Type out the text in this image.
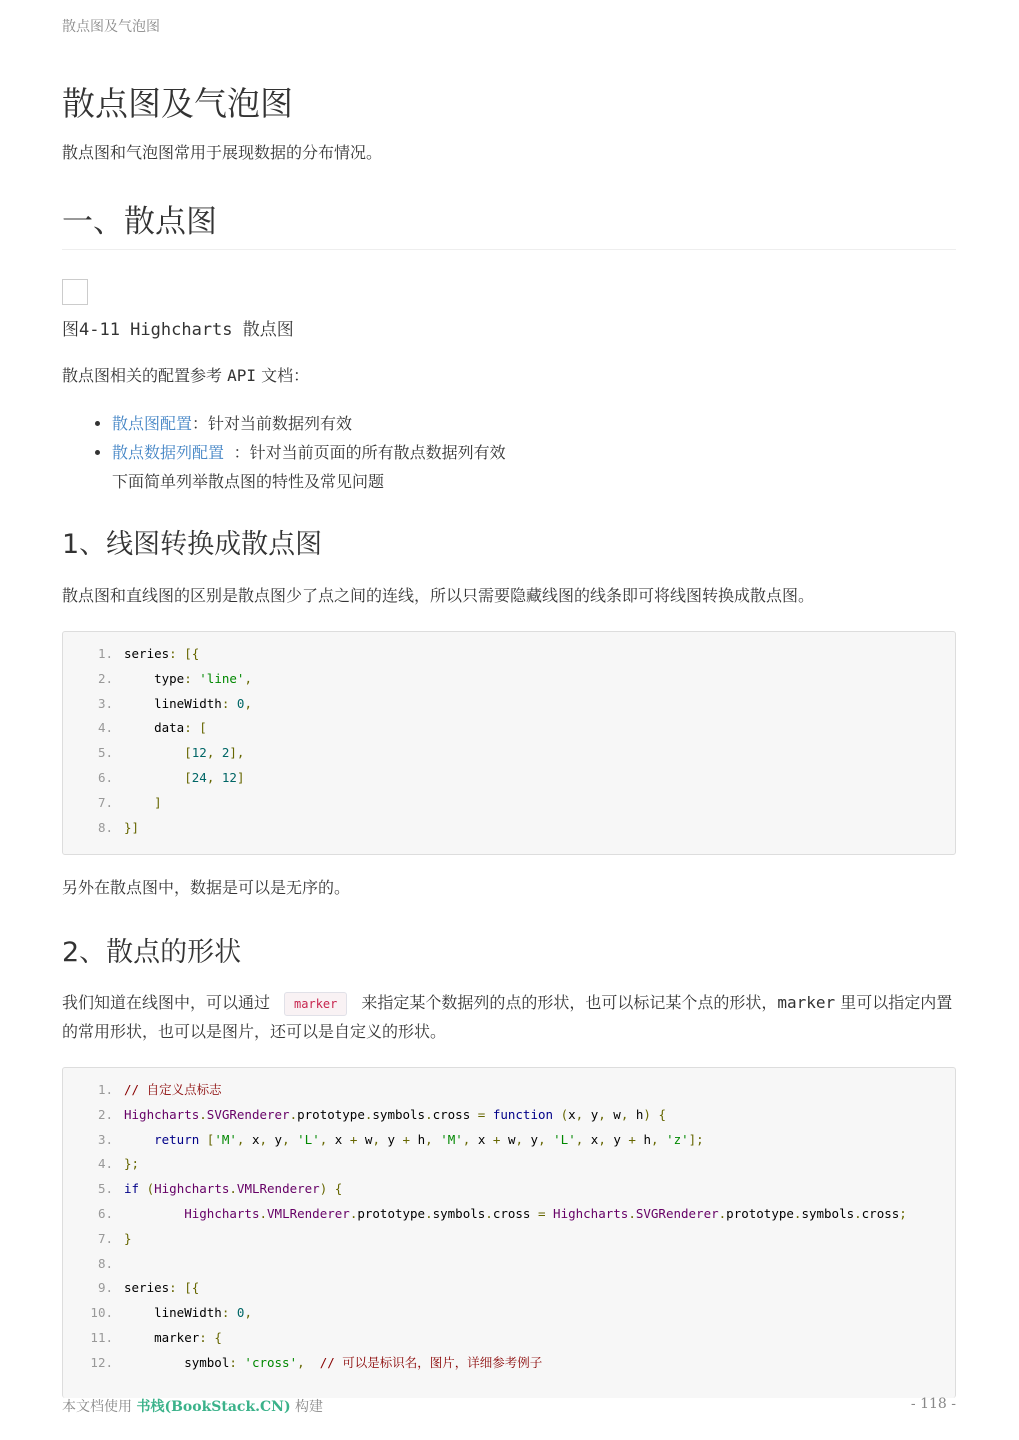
散点图及气泡图
散点图及气泡图

散点图和气泡图常用于展现数据的分布情况。

一、散点图

图4-11 Highcharts 散点图

散点图相关的配置参考 API 文档：

• 散点图配置：针对当前数据列有效
• 散点数据列配置 ：针对当前页面的所有散点数据列有效
下面简单列举散点图的特性及常见问题
1、线图转换成散点图

散点图和直线图的区别是散点图少了点之间的连线，所以只需要隐藏线图的线条即可将线图转换成散点图。

1. series: [{
2. type: 'line',
3. lineWidth: 0,
4. data: [
5.	[12, 2],
6.	[24, 12]
7.	]
8. }]

另外在散点图中，数据是可以是无序的。

2、散点的形状

我们知道在线图中，可以通过 marker 来指定某个数据列的点的形状，也可以标记某个点的形状，marker 里可以指定内置的常用形状，也可以是图片，还可以是自定义的形状。

1. // 自定义点标志
2. Highcharts.SVGRenderer.prototype.symbols.cross = function (x, y, w, h) {
3.	return ['M', x, y, 'L', x + w, y + h, 'M', x + w, y, 'L', x, y + h, 'z'];
4. };
5. if (Highcharts.VMLRenderer) {
6.	Highcharts.VMLRenderer.prototype.symbols.cross = Highcharts.SVGRenderer.prototype.symbols.cross;
7. }
8.
9. series: [{
10. lineWidth: 0,
11. marker: {
12. symbol: 'cross', // 可以是标识名，图片，详细参考例子
本文档使用 书栈(BookStack.CN) 构建	- 118 -
